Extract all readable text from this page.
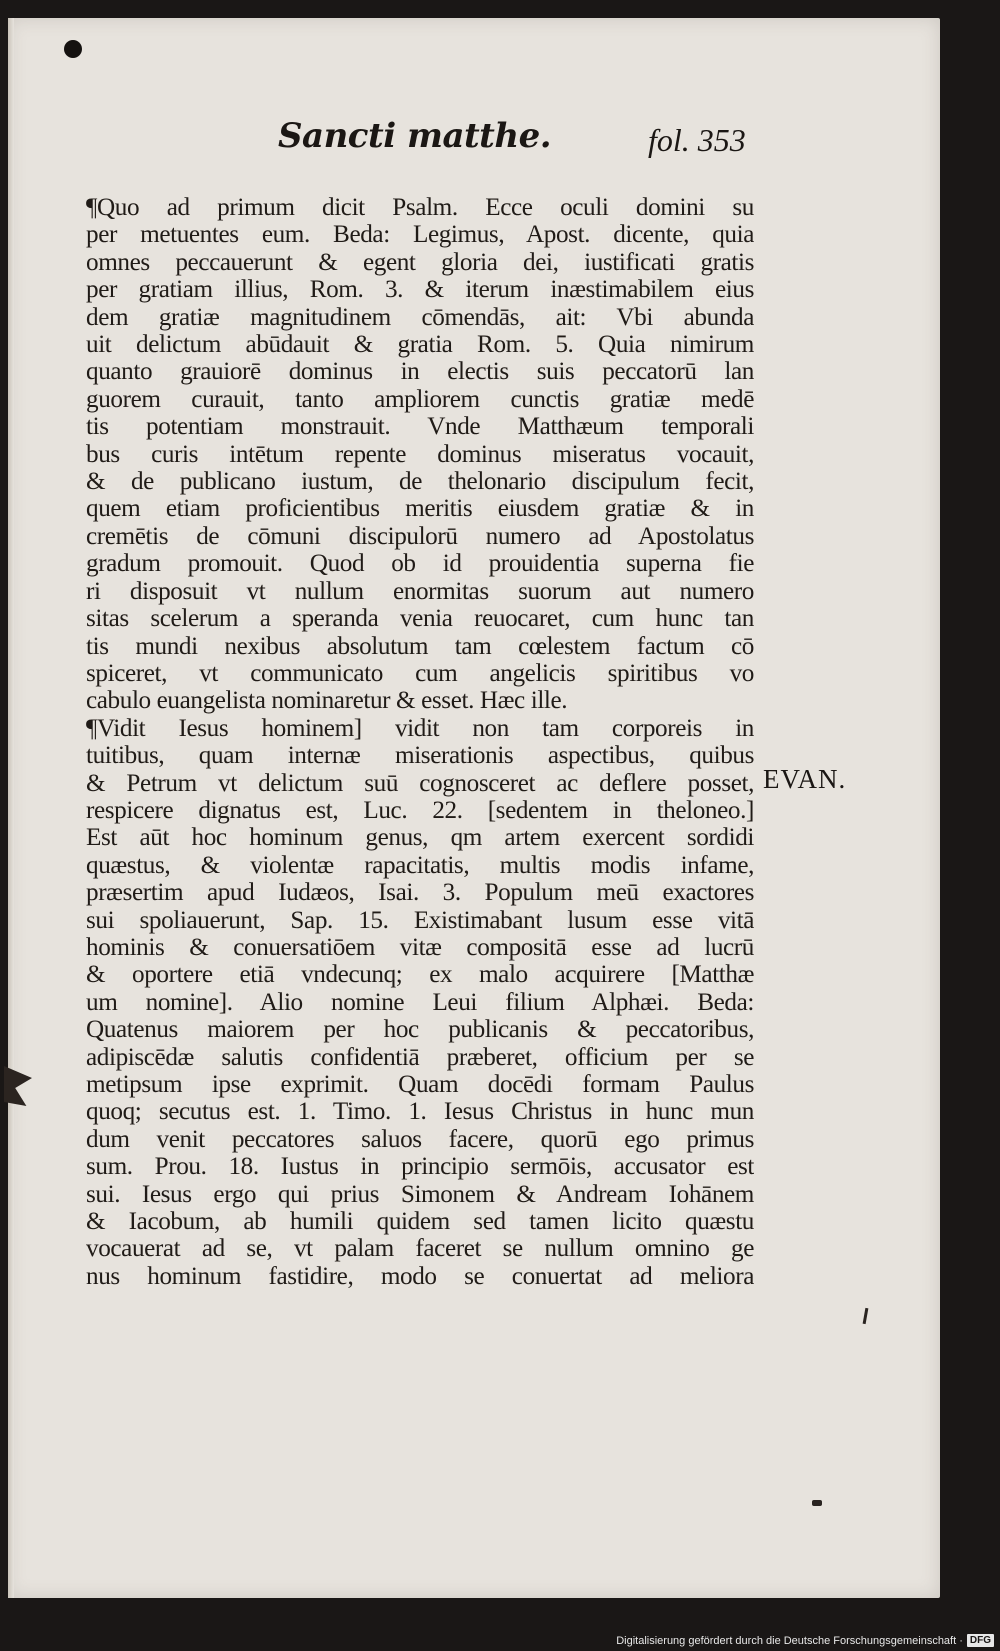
Sancti matthe.	fol. 353
¶Quo ad primum dicit Psalm. Ecce oculi domini su
per metuentes eum. Beda: Legimus, Apost. dicente, quia
omnes peccauerunt & egent gloria dei, iustificati gratis
per gratiam illius, Rom. 3. & iterum inæstimabilem eius
dem gratiæ magnitudinem cōmendās, ait: Vbi abunda
uit delictum abūdauit & gratia Rom. 5. Quia nimirum
quanto grauiorē dominus in electis suis peccatorū lan
guorem curauit, tanto ampliorem cunctis gratiæ medē
tis potentiam monstrauit. Vnde Matthæum temporali
bus curis intētum repente dominus miseratus vocauit,
& de publicano iustum, de thelonario discipulum fecit,
quem etiam proficientibus meritis eiusdem gratiæ & in
cremētis de cōmuni discipulorū numero ad Apostolatus
gradum promouit. Quod ob id prouidentia superna fie
ri disposuit vt nullum enormitas suorum aut numero
sitas scelerum a speranda venia reuocaret, cum hunc tan
tis mundi nexibus absolutum tam cœlestem factum cō
spiceret, vt communicato cum angelicis spiritibus vo
cabulo euangelista nominaretur & esset. Hæc ille.
¶Vidit Iesus hominem] vidit non tam corporeis in
tuitibus, quam internæ miserationis aspectibus, quibus
& Petrum vt delictum suū cognosceret ac deflere posset,
respicere dignatus est, Luc. 22. [sedentem in theloneo.]
Est aūt hoc hominum genus, qm artem exercent sordidi
quæstus, & violentæ rapacitatis, multis modis infame,
præsertim apud Iudæos, Isai. 3. Populum meū exactores
sui spoliauerunt, Sap. 15. Existimabant lusum esse vitā
hominis & conuersatiōem vitæ compositā esse ad lucrū
& oportere etiā vndecunq; ex malo acquirere [Matthæ
um nomine]. Alio nomine Leui filium Alphæi. Beda:
Quatenus maiorem per hoc publicanis & peccatoribus,
adipiscēdæ salutis confidentiā præberet, officium per se
metipsum ipse exprimit. Quam docēdi formam Paulus
quoq; secutus est. 1. Timo. 1. Iesus Christus in hunc mun
dum venit peccatores saluos facere, quorū ego primus
sum. Prou. 18. Iustus in principio sermōis, accusator est
sui. Iesus ergo qui prius Simonem & Andream Iohānem
& Iacobum, ab humili quidem sed tamen licito quæstu
vocauerat ad se, vt palam faceret se nullum omnino ge
nus hominum fastidire, modo se conuertat ad meliora
EVAN.
Digitalisierung gefördert durch die Deutsche Forschungsgemeinschaft · DFG
